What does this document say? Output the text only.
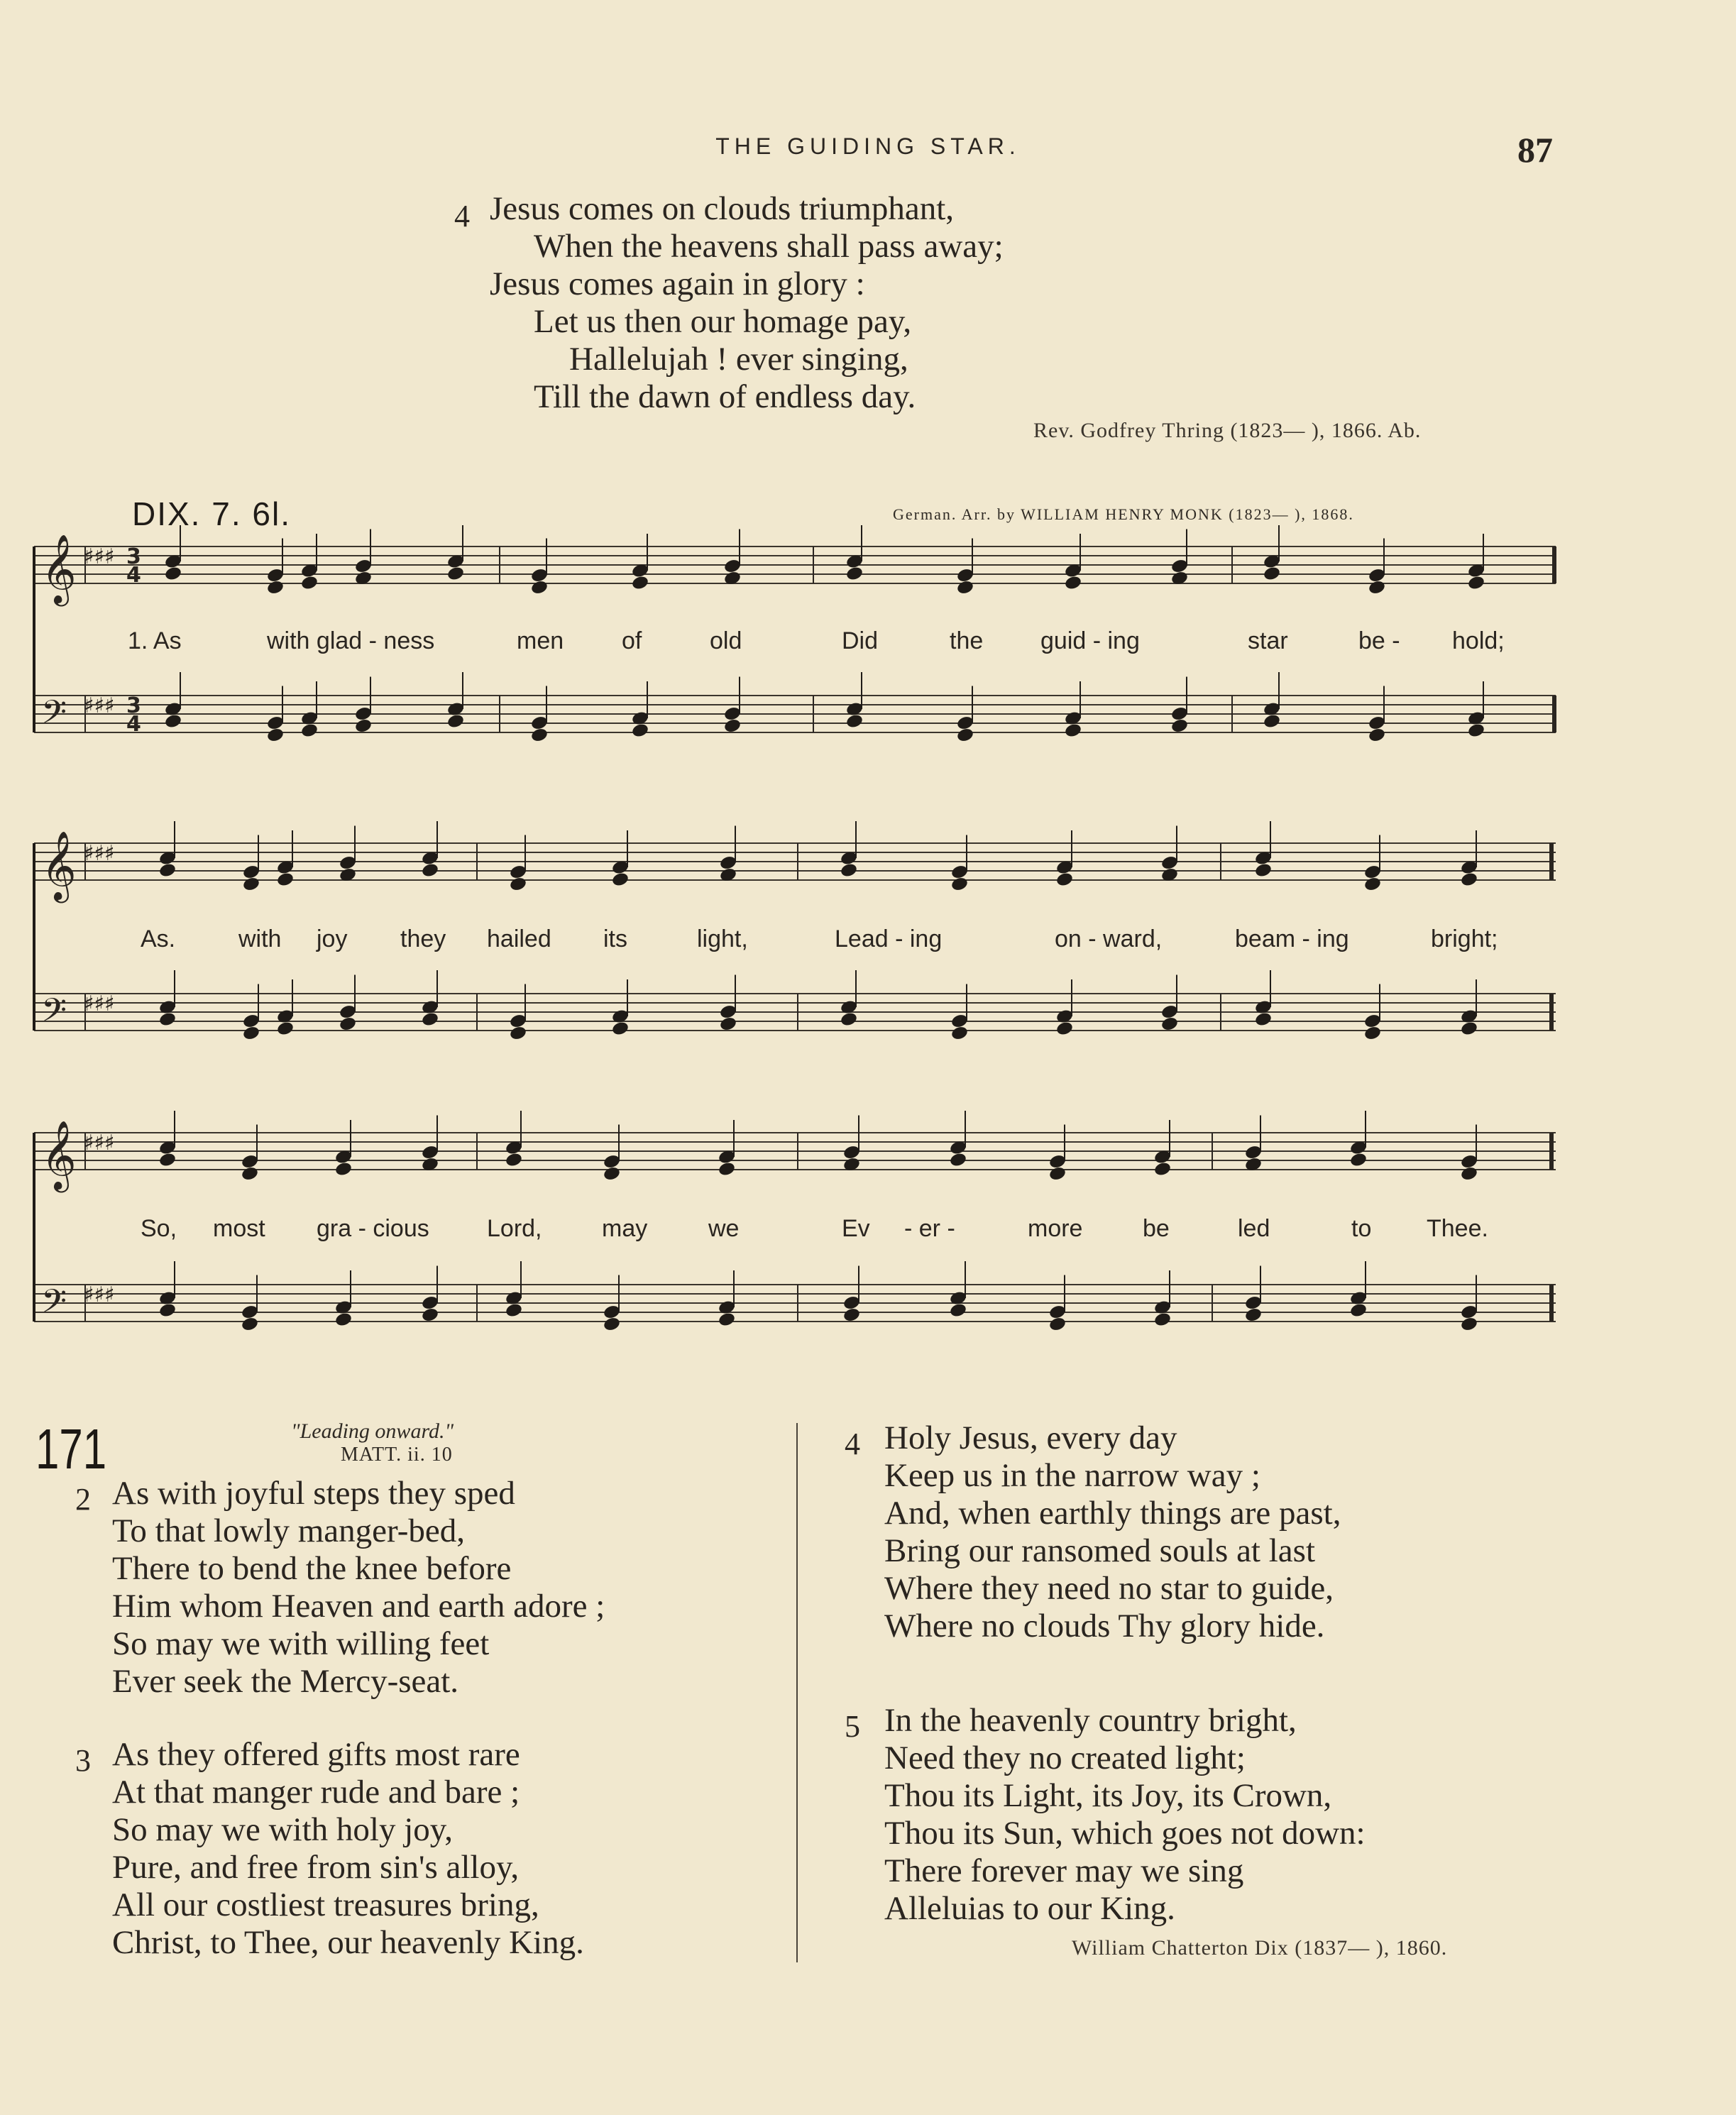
THE GUIDING STAR.	87
4 Jesus comes on clouds triumphant,
When the heavens shall pass away;
Jesus comes again in glory :
Let us then our homage pay,
Hallelujah ! ever singing,
Till the dawn of endless day.
Rev. Godfrey Thring (1823— ), 1866. Ab.
DIX. 7. 6l.	German. Arr. by WILLIAM HENRY MONK (1823— ), 1868.
𝄞 3
4
♯♯♯
𝄢	3
4
♯♯♯
𝄞 ♯♯♯
𝄢 ♯♯♯
𝄞 ♯♯♯
𝄢 ♯♯♯
1. As	with glad - ness	men of	old	Did	the guid - ing	star	be - hold;
As.	with joy they hailed its	light,	Lead - ing	on - ward,	beam - ing	bright;
So, most gra - cious Lord, may	we	Ev - er -	more be	led	to Thee.
171	"Leading onward."
MATT. ii. 10
2 As with joyful steps they sped
To that lowly manger-bed,
There to bend the knee before
Him whom Heaven and earth adore ;
So may we with willing feet
Ever seek the Mercy-seat.
3 As they offered gifts most rare
At that manger rude and bare ;
So may we with holy joy,
Pure, and free from sin's alloy,
All our costliest treasures bring,
Christ, to Thee, our heavenly King.
4 Holy Jesus, every day
Keep us in the narrow way ;
And, when earthly things are past,
Bring our ransomed souls at last
Where they need no star to guide,
Where no clouds Thy glory hide.
5 In the heavenly country bright,
Need they no created light;
Thou its Light, its Joy, its Crown,
Thou its Sun, which goes not down:
There forever may we sing
Alleluias to our King.
William Chatterton Dix (1837— ), 1860.
